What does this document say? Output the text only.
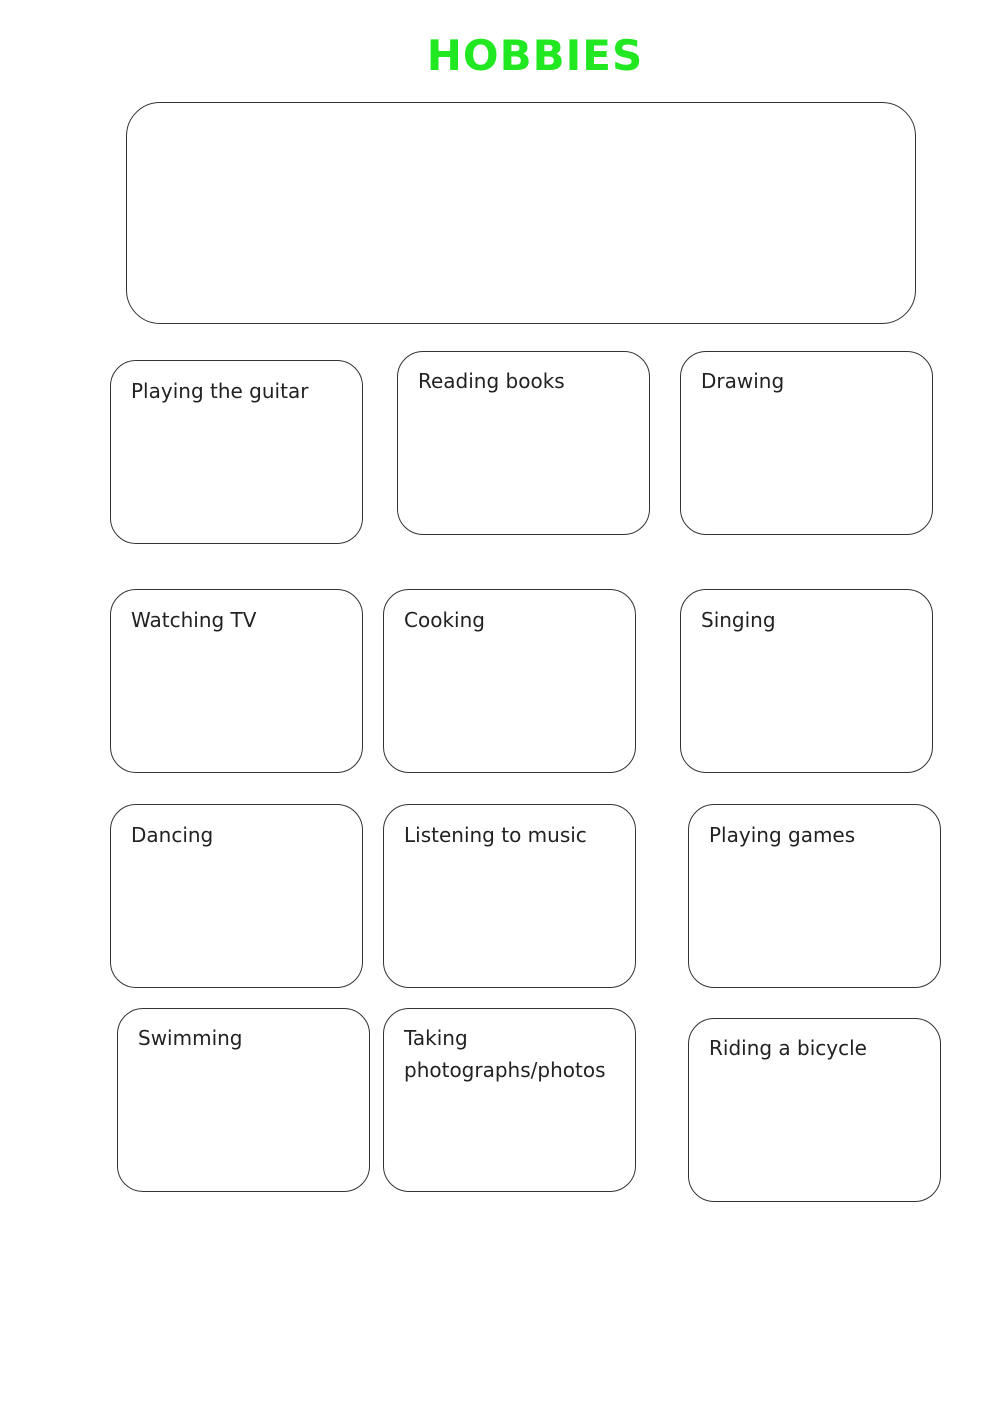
HOBBIES
Playing the guitar	Reading books	Drawing
Watching TV	Cooking	Singing
Dancing	Listening to music	Playing games
Swimming	Taking photographs/photos
Riding a bicycle
